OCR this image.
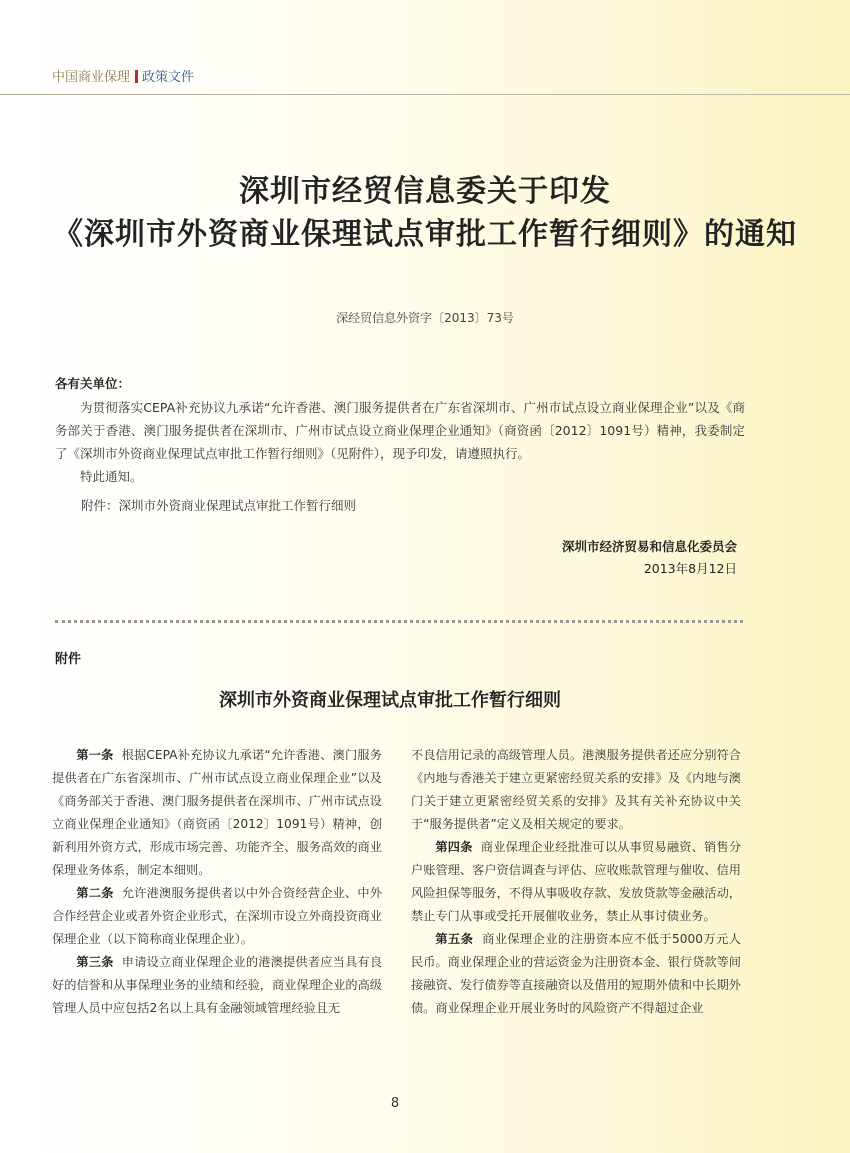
中国商业保理 政策文件
深圳市经贸信息委关于印发
《深圳市外资商业保理试点审批工作暂行细则》的通知
深经贸信息外资字〔2013〕73号
各有关单位：

为贯彻落实CEPA补充协议九承诺“允许香港、澳门服务提供者在广东省深圳市、广州市试点设立商业保理企业”以及《商务部关于香港、澳门服务提供者在深圳市、广州市试点设立商业保理企业通知》（商资函〔2012〕1091号）精神，我委制定了《深圳市外资商业保理试点审批工作暂行细则》（见附件），现予印发，请遵照执行。

特此通知。

附件：深圳市外资商业保理试点审批工作暂行细则
深圳市经济贸易和信息化委员会
2013年8月12日
附件
深圳市外资商业保理试点审批工作暂行细则

第一条 根据CEPA补充协议九承诺“允许香港、澳门服务提供者在广东省深圳市、广州市试点设立商业保理企业”以及《商务部关于香港、澳门服务提供者在深圳市、广州市试点设立商业保理企业通知》（商资函〔2012〕1091号）精神，创新利用外资方式，形成市场完善、功能齐全、服务高效的商业保理业务体系，制定本细则。

第二条 允许港澳服务提供者以中外合资经营企业、中外合作经营企业或者外资企业形式，在深圳市设立外商投资商业保理企业（以下简称商业保理企业）。

第三条 申请设立商业保理企业的港澳提供者应当具有良好的信誉和从事保理业务的业绩和经验，商业保理企业的高级管理人员中应包括2名以上具有金融领域管理经验且无

不良信用记录的高级管理人员。港澳服务提供者还应分别符合《内地与香港关于建立更紧密经贸关系的安排》及《内地与澳门关于建立更紧密经贸关系的安排》及其有关补充协议中关于“服务提供者”定义及相关规定的要求。

第四条 商业保理企业经批准可以从事贸易融资、销售分户账管理、客户资信调查与评估、应收账款管理与催收、信用风险担保等服务，不得从事吸收存款、发放贷款等金融活动，禁止专门从事或受托开展催收业务，禁止从事讨债业务。

第五条 商业保理企业的注册资本应不低于5000万元人民币。商业保理企业的营运资金为注册资本金、银行贷款等间接融资、发行债券等直接融资以及借用的短期外债和中长期外债。商业保理企业开展业务时的风险资产不得超过企业

8
